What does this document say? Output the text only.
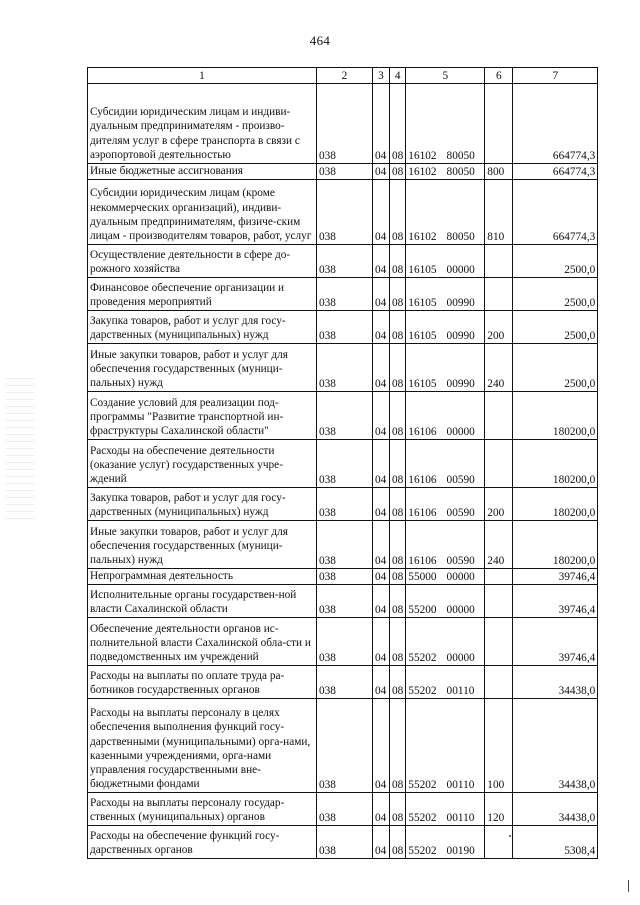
464
1	2	3	4	5	6	7
Субсидии юридическим лицам и индиви-дуальным предпринимателям - произво-дителям услуг в сфере транспорта в связи с аэропортовой деятельностью	038	04	08	16102 80050		664774,3
Иные бюджетные ассигнования	038	04	08	16102 80050	800	664774,3
Субсидии юридическим лицам (кроме некоммерческих организаций), индиви-дуальным предпринимателям, физиче-ским лицам - производителям товаров, работ, услуг	038	04	08	16102 80050	810	664774,3
Осуществление деятельности в сфере до-рожного хозяйства	038	04	08	16105 00000		2500,0
Финансовое обеспечение организации и проведения мероприятий	038	04	08	16105 00990		2500,0
Закупка товаров, работ и услуг для госу-дарственных (муниципальных) нужд	038	04	08	16105 00990	200	2500,0
Иные закупки товаров, работ и услуг для обеспечения государственных (муници-пальных) нужд	038	04	08	16105 00990	240	2500,0
Создание условий для реализации под-программы "Развитие транспортной ин-фраструктуры Сахалинской области"	038	04	08	16106 00000		180200,0
Расходы на обеспечение деятельности (оказание услуг) государственных учре-ждений	038	04	08	16106 00590		180200,0
Закупка товаров, работ и услуг для госу-дарственных (муниципальных) нужд	038	04	08	16106 00590	200	180200,0
Иные закупки товаров, работ и услуг для обеспечения государственных (муници-пальных) нужд	038	04	08	16106 00590	240	180200,0
Непрограммная деятельность	038	04	08	55000 00000		39746,4
Исполнительные органы государствен-ной власти Сахалинской области	038	04	08	55200 00000		39746,4
Обеспечение деятельности органов ис-полнительной власти Сахалинской обла-сти и подведомственных им учреждений	038	04	08	55202 00000		39746,4
Расходы на выплаты по оплате труда ра-ботников государственных органов	038	04	08	55202 00110		34438,0
Расходы на выплаты персоналу в целях обеспечения выполнения функций госу-дарственными (муниципальными) орга-нами, казенными учреждениями, орга-нами управления государственными вне-бюджетными фондами	038	04	08	55202 00110	100	34438,0
Расходы на выплаты персоналу государ-ственных (муниципальных) органов	038	04	08	55202 00110	120	34438,0
Расходы на обеспечение функций госу-дарственных органов	038	04	08	55202 00190		5308,4
